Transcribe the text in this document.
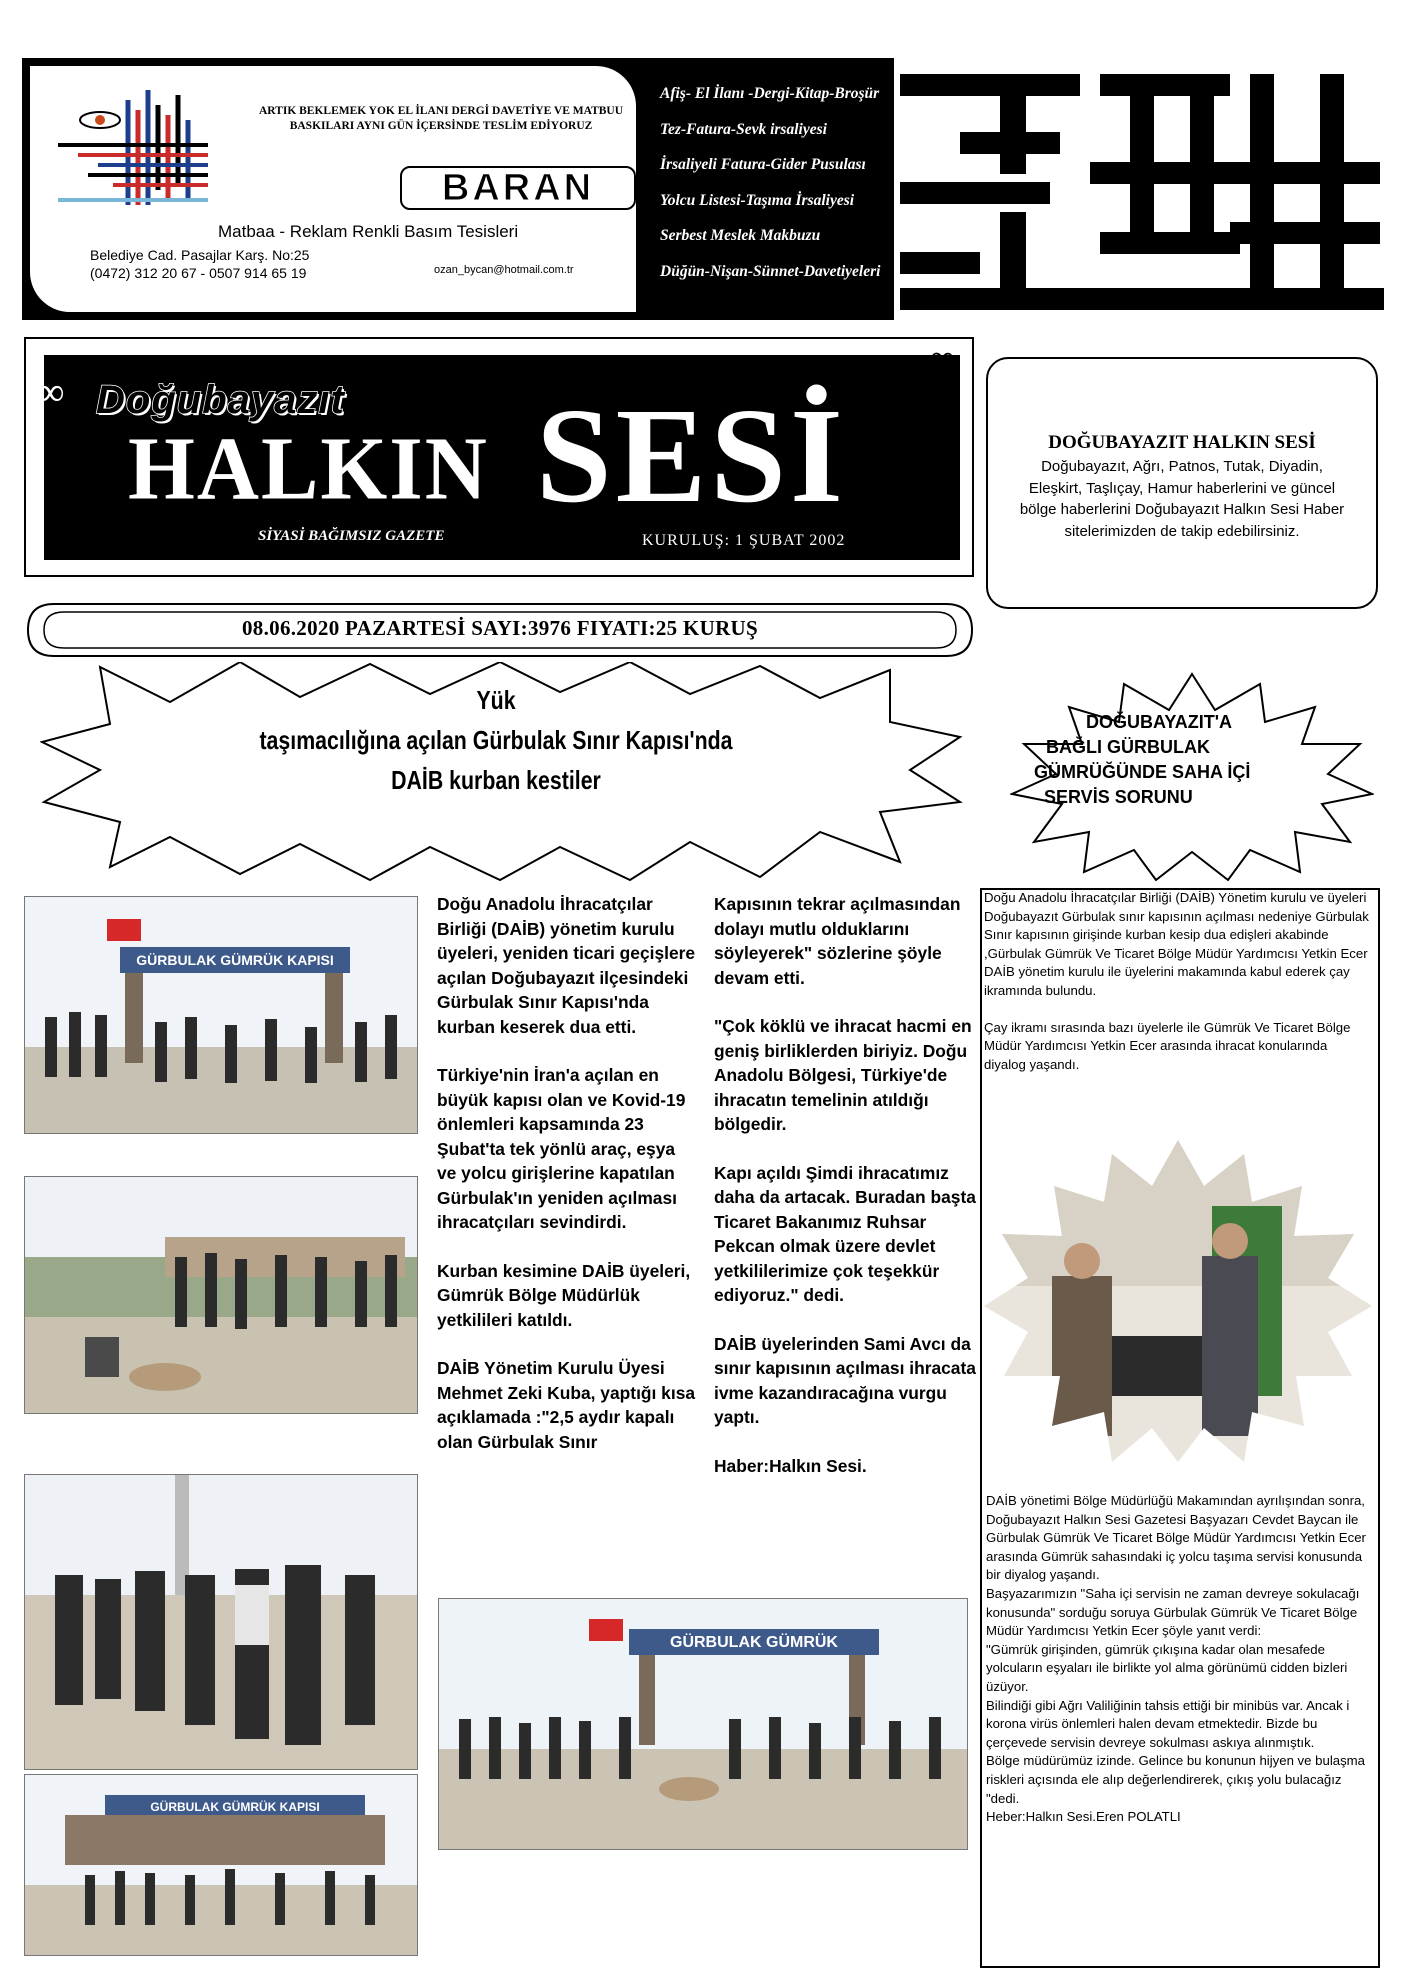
ARTIK BEKLEMEK YOK EL İLANI DERGİ DAVETİYE VE MATBUU BASKILARI AYNI GÜN İÇERSİNDE TESLİM EDİYORUZ
BARAN
Matbaa - Reklam Renkli Basım Tesisleri
Belediye Cad. Pasajlar Karş. No:25
(0472) 312 20 67 - 0507 914 65 19	ozan_bycan@hotmail.com.tr
Afiş- El İlanı -Dergi-Kitap-Broşür
Tez-Fatura-Sevk irsaliyesi
İrsaliyeli Fatura-Gider Pusulası
Yolcu Listesi-Taşıma İrsaliyesi
Serbest Meslek Makbuzu
Düğün-Nişan-Sünnet-Davetiyeleri
∞
∞
Doğubayazıt
HALKIN SESİ
SİYASİ BAĞIMSIZ GAZETE	KURULUŞ: 1 ŞUBAT 2002
DOĞUBAYAZIT HALKIN SESİ
Doğubayazıt, Ağrı, Patnos, Tutak, Diyadin, Eleşkirt, Taşlıçay, Hamur haberlerini ve güncel bölge haberlerini Doğubayazıt Halkın Sesi Haber sitelerimizden de takip edebilirsiniz.
08.06.2020 PAZARTESİ SAYI:3976 FIYATI:25 KURUŞ
Yük
taşımacılığına açılan Gürbulak Sınır Kapısı'nda
DAİB kurban kestiler
DOĞUBAYAZIT'A
BAĞLI GÜRBULAK
GÜMRÜĞÜNDE SAHA İÇİ
SERVİS SORUNU
GÜRBULAK GÜMRÜK KAPISI
GÜRBULAK GÜMRÜK KAPISI
GÜRBULAK GÜMRÜK

Doğu Anadolu İhracatçılar Birliği (DAİB) yönetim kurulu üyeleri, yeniden ticari geçişlere açılan Doğubayazıt ilçesindeki Gürbulak Sınır Kapısı'nda kurban keserek dua etti.

Türkiye'nin İran'a açılan en büyük kapısı olan ve Kovid-19 önlemleri kapsamında 23 Şubat'ta tek yönlü araç, eşya ve yolcu girişlerine kapatılan Gürbulak'ın yeniden açılması ihracatçıları sevindirdi.

Kurban kesimine DAİB üyeleri, Gümrük Bölge Müdürlük yetkilileri katıldı.

DAİB Yönetim Kurulu Üyesi Mehmet Zeki Kuba, yaptığı kısa açıklamada :"2,5 aydır kapalı olan Gürbulak Sınır

Kapısının tekrar açılmasından dolayı mutlu olduklarını söyleyerek" sözlerine şöyle devam etti.

"Çok köklü ve ihracat hacmi en geniş birliklerden biriyiz. Doğu Anadolu Bölgesi, Türkiye'de ihracatın temelinin atıldığı bölgedir.

Kapı açıldı Şimdi ihracatımız daha da artacak. Buradan başta Ticaret Bakanımız Ruhsar Pekcan olmak üzere devlet yetkililerimize çok teşekkür ediyoruz." dedi.

DAİB üyelerinden Sami Avcı da sınır kapısının açılması ihracata ivme kazandıracağına vurgu yaptı.

Haber:Halkın Sesi.

Doğu Anadolu İhracatçılar Birliği (DAİB) Yönetim kurulu ve üyeleri Doğubayazıt Gürbulak sınır kapısının açılması nedeniye Gürbulak Sınır kapısının girişinde kurban kesip dua edişleri akabinde ,Gürbulak Gümrük Ve Ticaret Bölge Müdür Yardımcısı Yetkin Ecer DAİB yönetim kurulu ile üyelerini makamında kabul ederek çay ikramında bulundu.

Çay ikramı sırasında bazı üyelerle ile Gümrük Ve Ticaret Bölge Müdür Yardımcısı Yetkin Ecer arasında ihracat konularında diyalog yaşandı.

DAİB yönetimi Bölge Müdürlüğü Makamından ayrılışından sonra, Doğubayazıt Halkın Sesi Gazetesi Başyazarı Cevdet Baycan ile Gürbulak Gümrük Ve Ticaret Bölge Müdür Yardımcısı Yetkin Ecer arasında Gümrük sahasındaki iç yolcu taşıma servisi konusunda bir diyalog yaşandı.

Başyazarımızın "Saha içi servisin ne zaman devreye sokulacağı konusunda" sorduğu soruya Gürbulak Gümrük Ve Ticaret Bölge Müdür Yardımcısı Yetkin Ecer şöyle yanıt verdi:

"Gümrük girişinden, gümrük çıkışına kadar olan mesafede yolcuların eşyaları ile birlikte yol alma görünümü cidden bizleri üzüyor.

Bilindiği gibi Ağrı Valiliğinin tahsis ettiği bir minibüs var. Ancak i korona virüs önlemleri halen devam etmektedir. Bizde bu çerçevede servisin devreye sokulması askıya alınmıştık.

Bölge müdürümüz izinde. Gelince bu konunun hijyen ve bulaşma riskleri açısında ele alıp değerlendirerek, çıkış yolu bulacağız "dedi.

Heber:Halkın Sesi.Eren POLATLI
